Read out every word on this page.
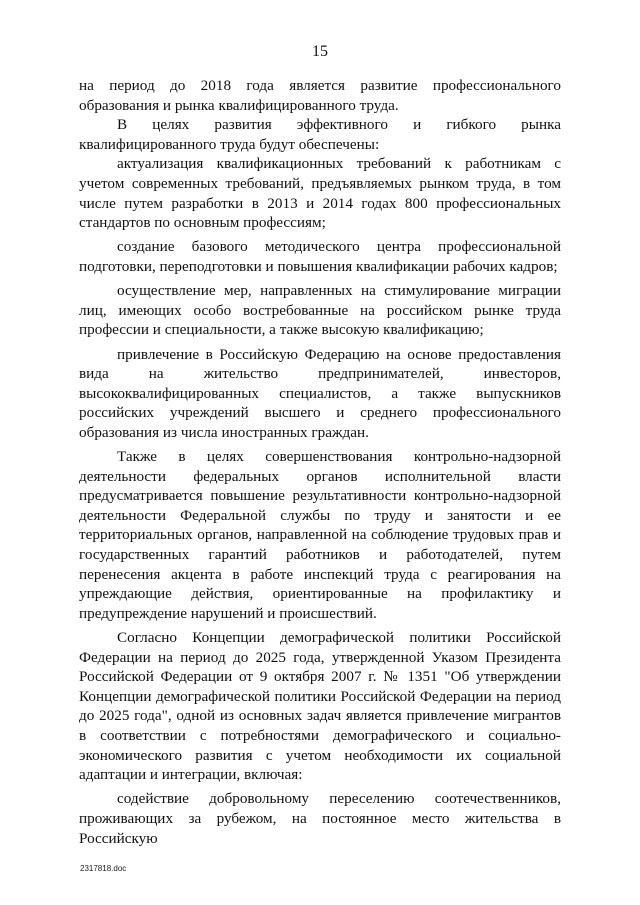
15

на период до 2018 года является развитие профессионального образования и рынка квалифицированного труда.

В целях развития эффективного и гибкого рынка квалифицированного труда будут обеспечены:

актуализация квалификационных требований к работникам с учетом современных требований, предъявляемых рынком труда, в том числе путем разработки в 2013 и 2014 годах 800 профессиональных стандартов по основным профессиям;

создание базового методического центра профессиональной подготовки, переподготовки и повышения квалификации рабочих кадров;

осуществление мер, направленных на стимулирование миграции лиц, имеющих особо востребованные на российском рынке труда профессии и специальности, а также высокую квалификацию;

привлечение в Российскую Федерацию на основе предоставления вида на жительство предпринимателей, инвесторов, высококвалифицированных специалистов, а также выпускников российских учреждений высшего и среднего профессионального образования из числа иностранных граждан.

Также в целях совершенствования контрольно-надзорной деятельности федеральных органов исполнительной власти предусматривается повышение результативности контрольно-надзорной деятельности Федеральной службы по труду и занятости и ее территориальных органов, направленной на соблюдение трудовых прав и государственных гарантий работников и работодателей, путем перенесения акцента в работе инспекций труда с реагирования на упреждающие действия, ориентированные на профилактику и предупреждение нарушений и происшествий.

Согласно Концепции демографической политики Российской Федерации на период до 2025 года, утвержденной Указом Президента Российской Федерации от 9 октября 2007 г. № 1351 "Об утверждении Концепции демографической политики Российской Федерации на период до 2025 года", одной из основных задач является привлечение мигрантов в соответствии с потребностями демографического и социально-экономического развития с учетом необходимости их социальной адаптации и интеграции, включая:

содействие добровольному переселению соотечественников, проживающих за рубежом, на постоянное место жительства в Российскую

2317818.doc
